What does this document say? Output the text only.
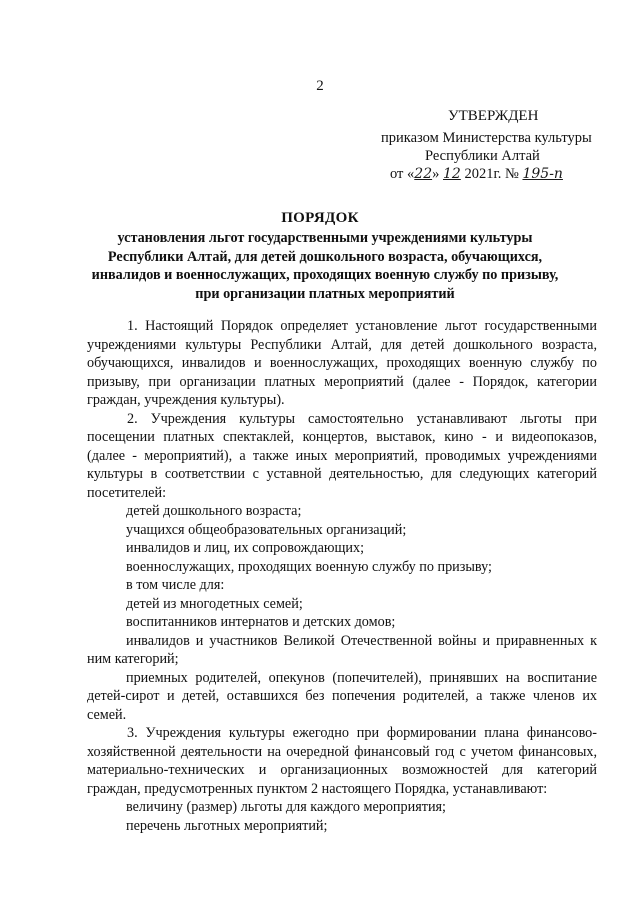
2
УТВЕРЖДЕН
приказом Министерства культуры
Республики Алтай
от «22» 12 2021г. № 195-п
ПОРЯДОК
установления льгот государственными учреждениями культуры Республики Алтай, для детей дошкольного возраста, обучающихся, инвалидов и военнослужащих, проходящих военную службу по призыву, при организации платных мероприятий

1. Настоящий Порядок определяет установление льгот государственными учреждениями культуры Республики Алтай, для детей дошкольного возраста, обучающихся, инвалидов и военнослужащих, проходящих военную службу по призыву, при организации платных мероприятий (далее - Порядок, категории граждан, учреждения культуры).

2. Учреждения культуры самостоятельно устанавливают льготы при посещении платных спектаклей, концертов, выставок, кино - и видеопоказов, (далее - мероприятий), а также иных мероприятий, проводимых учреждениями культуры в соответствии с уставной деятельностью, для следующих категорий посетителей:

детей дошкольного возраста;

учащихся общеобразовательных организаций;

инвалидов и лиц, их сопровождающих;

военнослужащих, проходящих военную службу по призыву;

в том числе для:

детей из многодетных семей;

воспитанников интернатов и детских домов;

инвалидов и участников Великой Отечественной войны и приравненных к ним категорий;

приемных родителей, опекунов (попечителей), принявших на воспитание детей-сирот и детей, оставшихся без попечения родителей, а также членов их семей.

3. Учреждения культуры ежегодно при формировании плана финансово-хозяйственной деятельности на очередной финансовый год с учетом финансовых, материально-технических и организационных возможностей для категорий граждан, предусмотренных пунктом 2 настоящего Порядка, устанавливают:

величину (размер) льготы для каждого мероприятия;

перечень льготных мероприятий;
